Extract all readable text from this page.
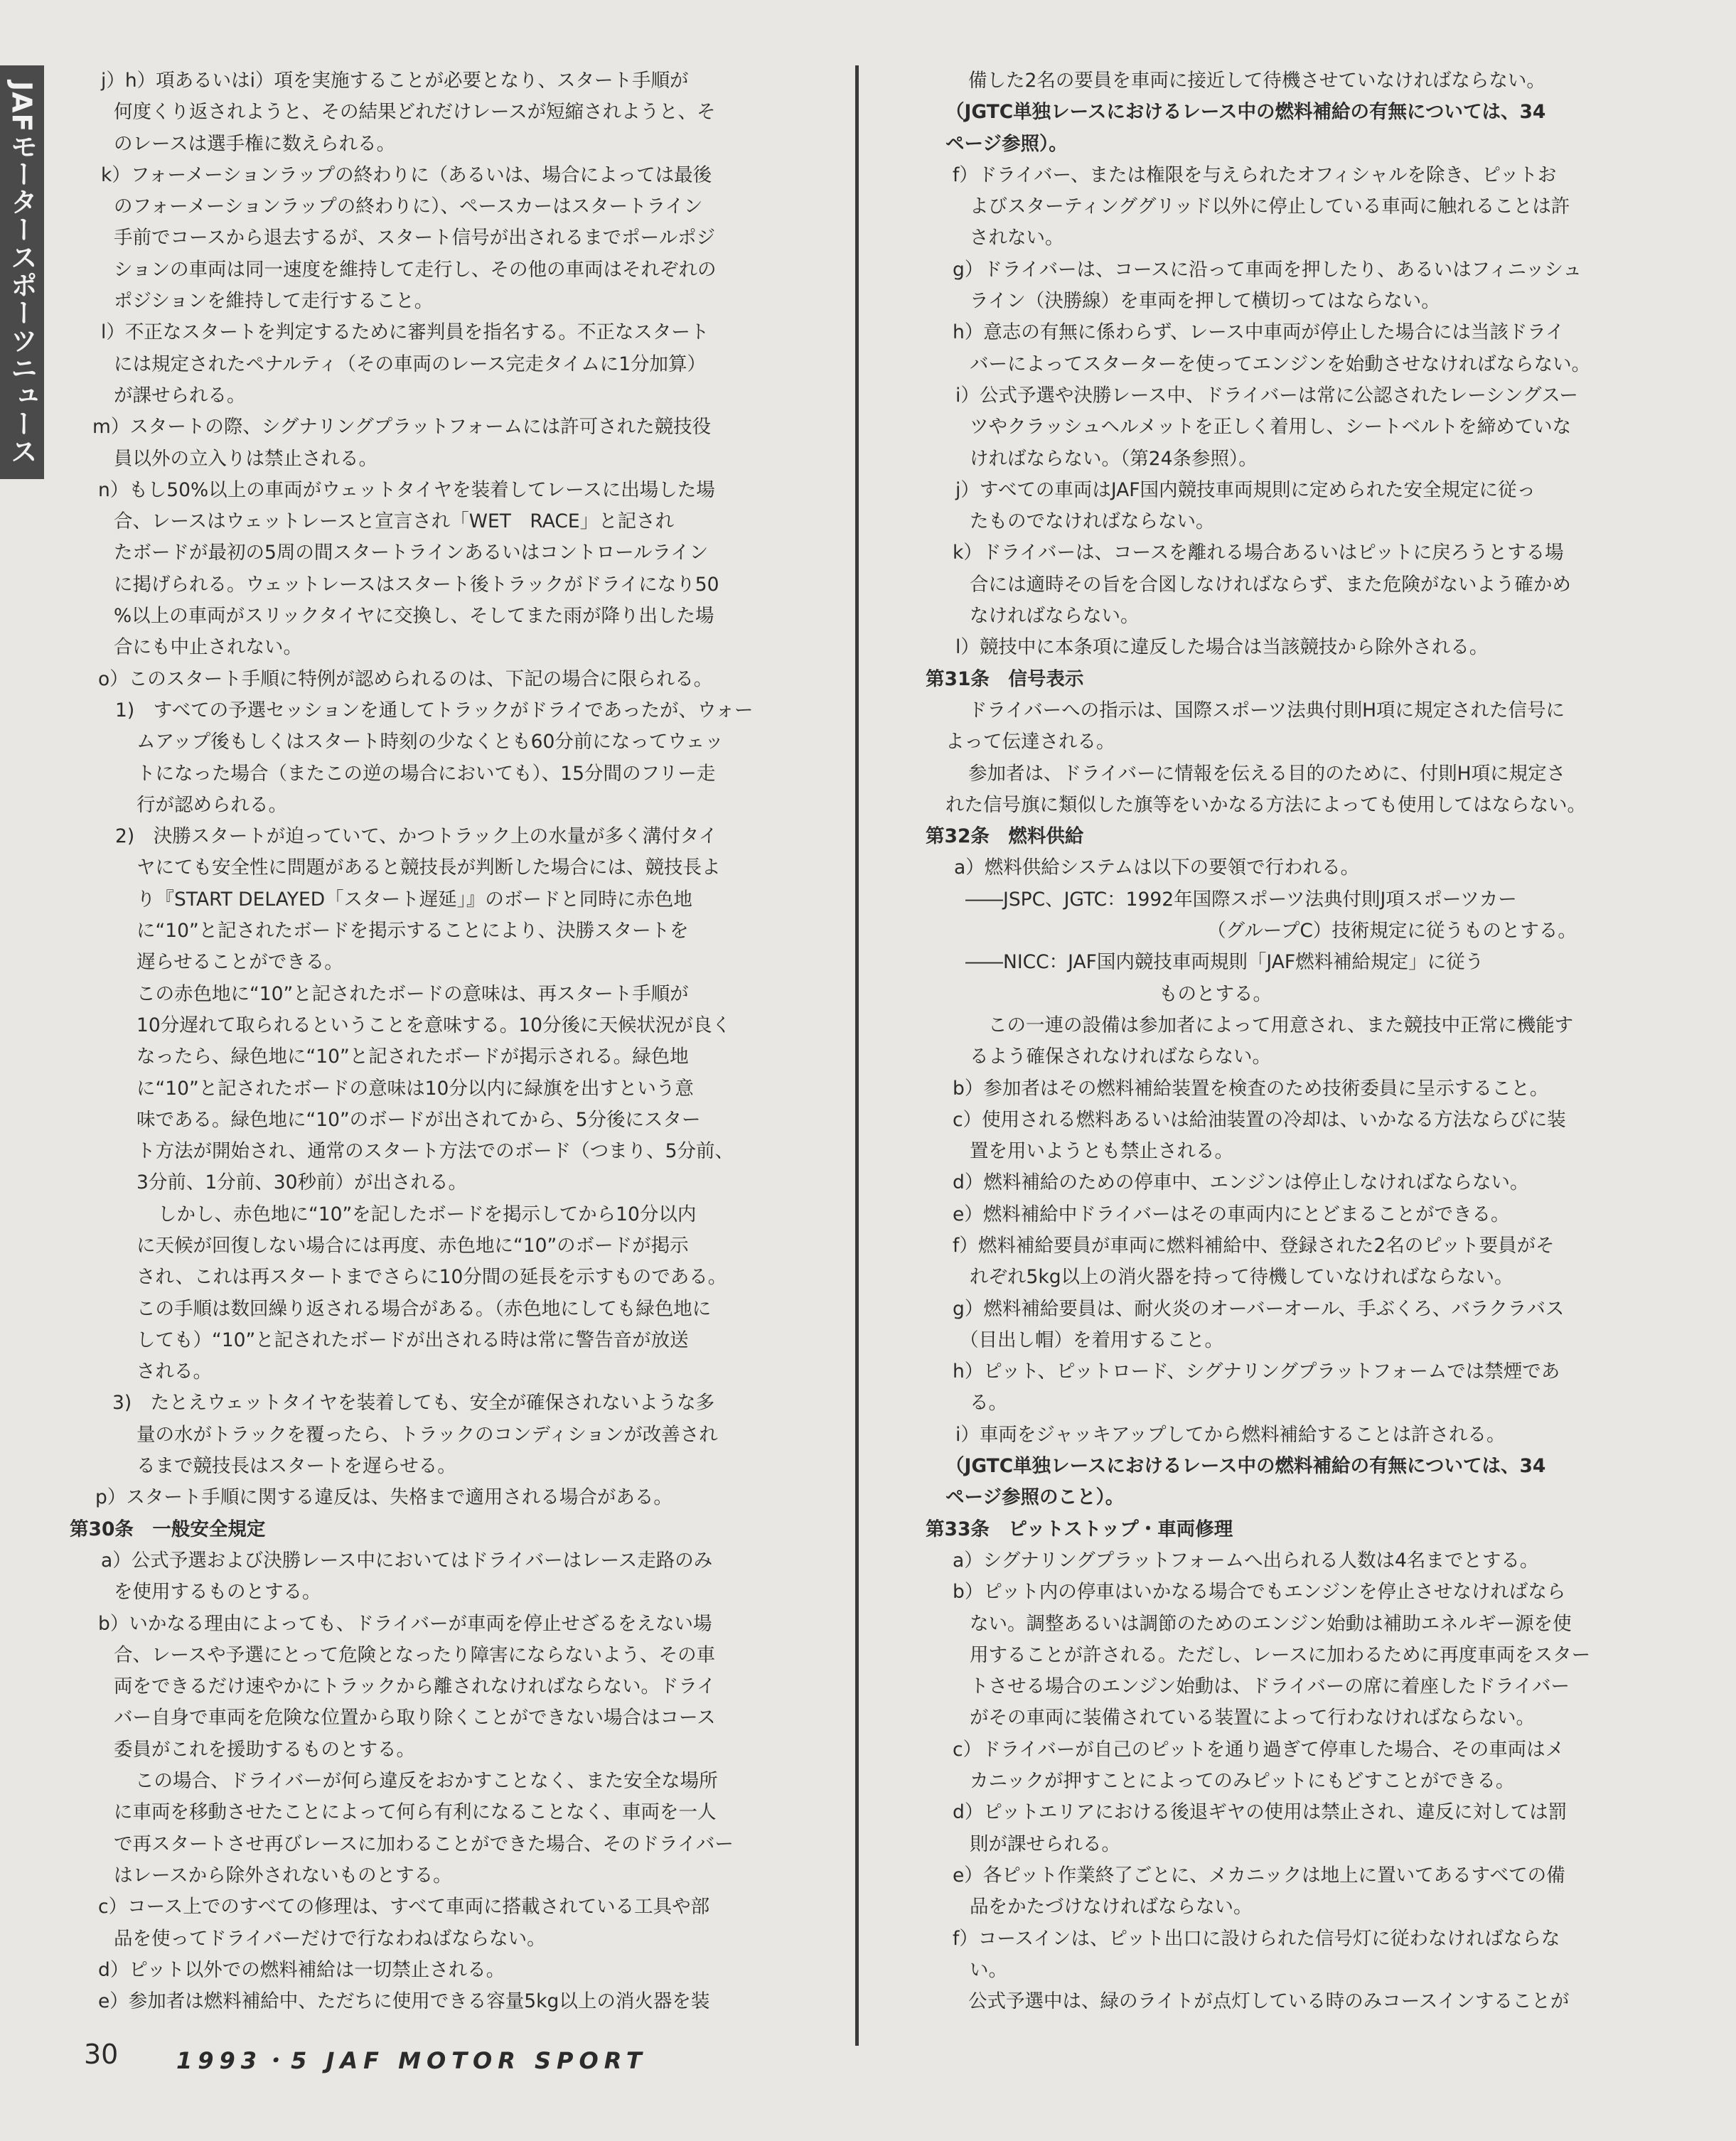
JAFモータースポーツニュース
j）h）項あるいはi）項を実施することが必要となり、スタート手順が
何度くり返されようと、その結果どれだけレースが短縮されようと、そ
のレースは選手権に数えられる。
k）フォーメーションラップの終わりに（あるいは、場合によっては最後
のフォーメーションラップの終わりに）、ペースカーはスタートライン
手前でコースから退去するが、スタート信号が出されるまでポールポジ
ションの車両は同一速度を維持して走行し、その他の車両はそれぞれの
ポジションを維持して走行すること。
l）不正なスタートを判定するために審判員を指名する。不正なスタート
には規定されたペナルティ（その車両のレース完走タイムに1分加算）
が課せられる。
m）スタートの際、シグナリングプラットフォームには許可された競技役
員以外の立入りは禁止される。
n）もし50%以上の車両がウェットタイヤを装着してレースに出場した場
合、レースはウェットレースと宣言され「WET　RACE」と記され
たボードが最初の5周の間スタートラインあるいはコントロールライン
に掲げられる。ウェットレースはスタート後トラックがドライになり50
%以上の車両がスリックタイヤに交換し、そしてまた雨が降り出した場
合にも中止されない。
o）このスタート手順に特例が認められるのは、下記の場合に限られる。
1)　すべての予選セッションを通してトラックがドライであったが、ウォー
ムアップ後もしくはスタート時刻の少なくとも60分前になってウェッ
トになった場合（またこの逆の場合においても）、15分間のフリー走
行が認められる。
2)　決勝スタートが迫っていて、かつトラック上の水量が多く溝付タイ
ヤにても安全性に問題があると競技長が判断した場合には、競技長よ
り『START DELAYED「スタート遅延」』のボードと同時に赤色地
に“10”と記されたボードを掲示することにより、決勝スタートを
遅らせることができる。
この赤色地に“10”と記されたボードの意味は、再スタート手順が
10分遅れて取られるということを意味する。10分後に天候状況が良く
なったら、緑色地に“10”と記されたボードが掲示される。緑色地
に“10”と記されたボードの意味は10分以内に緑旗を出すという意
味である。緑色地に“10”のボードが出されてから、5分後にスター
ト方法が開始され、通常のスタート方法でのボード（つまり、5分前、
3分前、1分前、30秒前）が出される。
しかし、赤色地に“10”を記したボードを掲示してから10分以内
に天候が回復しない場合には再度、赤色地に“10”のボードが掲示
され、これは再スタートまでさらに10分間の延長を示すものである。
この手順は数回繰り返される場合がある。（赤色地にしても緑色地に
しても）“10”と記されたボードが出される時は常に警告音が放送
される。
3)　たとえウェットタイヤを装着しても、安全が確保されないような多
量の水がトラックを覆ったら、トラックのコンディションが改善され
るまで競技長はスタートを遅らせる。
p）スタート手順に関する違反は、失格まで適用される場合がある。
第30条　一般安全規定
a）公式予選および決勝レース中においてはドライバーはレース走路のみ
を使用するものとする。
b）いかなる理由によっても、ドライバーが車両を停止せざるをえない場
合、レースや予選にとって危険となったり障害にならないよう、その車
両をできるだけ速やかにトラックから離されなければならない。ドライ
バー自身で車両を危険な位置から取り除くことができない場合はコース
委員がこれを援助するものとする。
この場合、ドライバーが何ら違反をおかすことなく、また安全な場所
に車両を移動させたことによって何ら有利になることなく、車両を一人
で再スタートさせ再びレースに加わることができた場合、そのドライバー
はレースから除外されないものとする。
c）コース上でのすべての修理は、すべて車両に搭載されている工具や部
品を使ってドライバーだけで行なわねばならない。
d）ピット以外での燃料補給は一切禁止される。
e）参加者は燃料補給中、ただちに使用できる容量5kg以上の消火器を装
備した2名の要員を車両に接近して待機させていなければならない。
（JGTC単独レースにおけるレース中の燃料補給の有無については、34
ページ参照）。
f）ドライバー、または権限を与えられたオフィシャルを除き、ピットお
よびスターティンググリッド以外に停止している車両に触れることは許
されない。
g）ドライバーは、コースに沿って車両を押したり、あるいはフィニッシュ
ライン（決勝線）を車両を押して横切ってはならない。
h）意志の有無に係わらず、レース中車両が停止した場合には当該ドライ
バーによってスターターを使ってエンジンを始動させなければならない。
i）公式予選や決勝レース中、ドライバーは常に公認されたレーシングスー
ツやクラッシュヘルメットを正しく着用し、シートベルトを締めていな
ければならない。（第24条参照）。
j）すべての車両はJAF国内競技車両規則に定められた安全規定に従っ
たものでなければならない。
k）ドライバーは、コースを離れる場合あるいはピットに戻ろうとする場
合には適時その旨を合図しなければならず、また危険がないよう確かめ
なければならない。
l）競技中に本条項に違反した場合は当該競技から除外される。
第31条　信号表示
ドライバーへの指示は、国際スポーツ法典付則H項に規定された信号に
よって伝達される。
参加者は、ドライバーに情報を伝える目的のために、付則H項に規定さ
れた信号旗に類似した旗等をいかなる方法によっても使用してはならない。
第32条　燃料供給
a）燃料供給システムは以下の要領で行われる。
――JSPC、JGTC：1992年国際スポーツ法典付則J項スポーツカー
（グループC）技術規定に従うものとする。
――NICC：JAF国内競技車両規則「JAF燃料補給規定」に従う
ものとする。
この一連の設備は参加者によって用意され、また競技中正常に機能す
るよう確保されなければならない。
b）参加者はその燃料補給装置を検査のため技術委員に呈示すること。
c）使用される燃料あるいは給油装置の冷却は、いかなる方法ならびに装
置を用いようとも禁止される。
d）燃料補給のための停車中、エンジンは停止しなければならない。
e）燃料補給中ドライバーはその車両内にとどまることができる。
f）燃料補給要員が車両に燃料補給中、登録された2名のピット要員がそ
れぞれ5kg以上の消火器を持って待機していなければならない。
g）燃料補給要員は、耐火炎のオーバーオール、手ぶくろ、バラクラバス
（目出し帽）を着用すること。
h）ピット、ピットロード、シグナリングプラットフォームでは禁煙であ
る。
i）車両をジャッキアップしてから燃料補給することは許される。
（JGTC単独レースにおけるレース中の燃料補給の有無については、34
ページ参照のこと）。
第33条　ピットストップ・車両修理
a）シグナリングプラットフォームへ出られる人数は4名までとする。
b）ピット内の停車はいかなる場合でもエンジンを停止させなければなら
ない。調整あるいは調節のためのエンジン始動は補助エネルギー源を使
用することが許される。ただし、レースに加わるために再度車両をスター
トさせる場合のエンジン始動は、ドライバーの席に着座したドライバー
がその車両に装備されている装置によって行わなければならない。
c）ドライバーが自己のピットを通り過ぎて停車した場合、その車両はメ
カニックが押すことによってのみピットにもどすことができる。
d）ピットエリアにおける後退ギヤの使用は禁止され、違反に対しては罰
則が課せられる。
e）各ピット作業終了ごとに、メカニックは地上に置いてあるすべての備
品をかたづけなければならない。
f）コースインは、ピット出口に設けられた信号灯に従わなければならな
い。
公式予選中は、緑のライトが点灯している時のみコースインすることが
30	1993・5 JAF MOTOR SPORT
